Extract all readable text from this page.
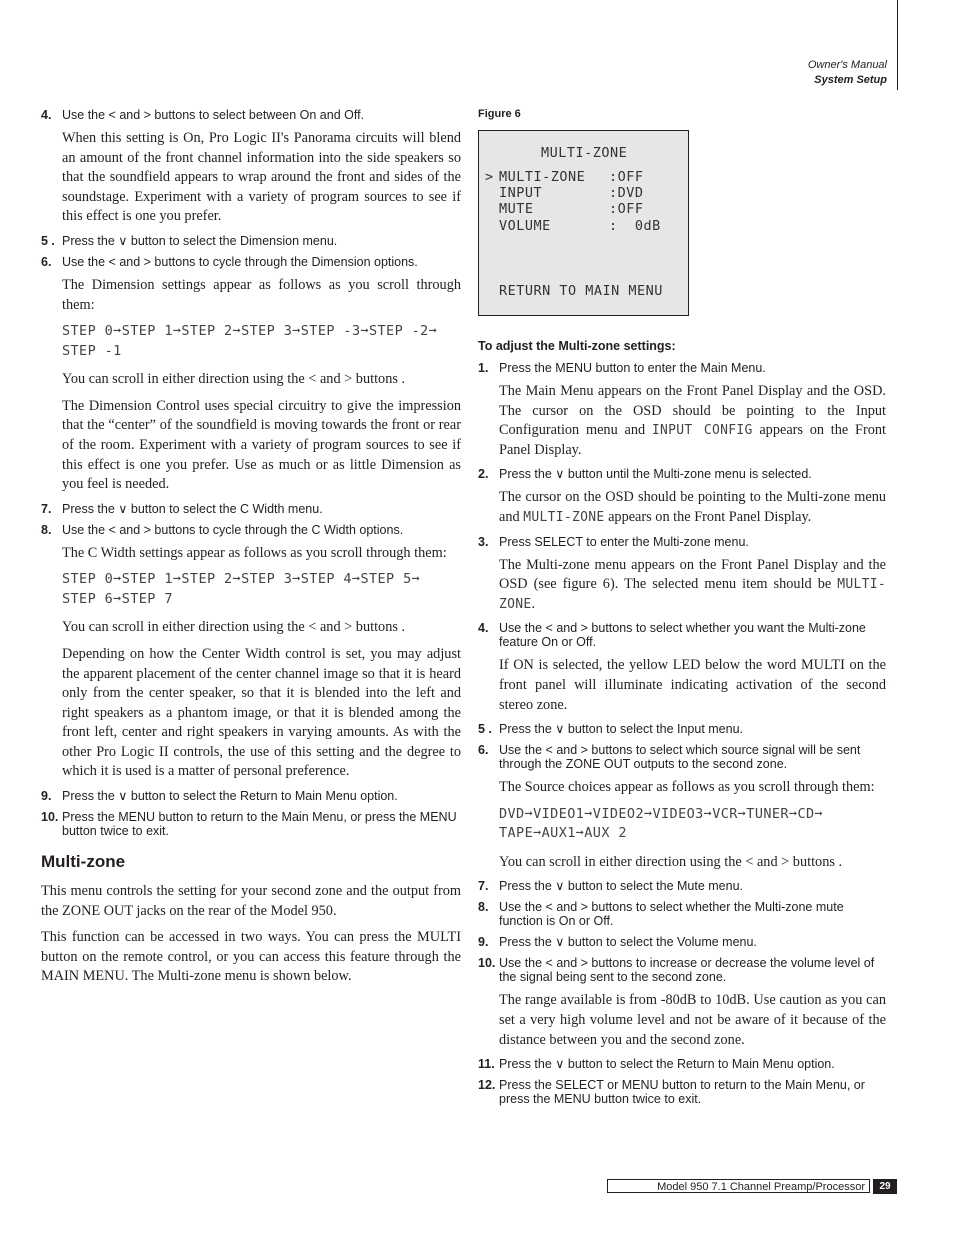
Owner's Manual
System Setup
4. Use the < and > buttons to select between On and Off.

When this setting is On, Pro Logic II's Panorama circuits will blend an amount of the front channel information into the side speakers so that the soundfield appears to wrap around the front and sides of the soundstage. Experiment with a variety of program sources to see if this effect is one you prefer.

5 . Press the ∨ button to select the Dimension menu.
6. Use the < and > buttons to cycle through the Dimension options.

The Dimension settings appear as follows as you scroll through them:

STEP 0➞STEP 1➞STEP 2➞STEP 3➞STEP -3➞STEP -2➞ STEP -1

You can scroll in either direction using the < and > buttons .

The Dimension Control uses special circuitry to give the impression that the “center” of the soundfield is moving towards the front or rear of the room. Experiment with a variety of program sources to see if this effect is one you prefer. Use as much or as little Dimension as you feel is needed.

7. Press the ∨ button to select the C Width menu.
8. Use the < and > buttons to cycle through the C Width options.

The C Width settings appear as follows as you scroll through them:

STEP 0➞STEP 1➞STEP 2➞STEP 3➞STEP 4➞STEP 5➞ STEP 6➞STEP 7

You can scroll in either direction using the < and > buttons .

Depending on how the Center Width control is set, you may adjust the apparent placement of the center channel image so that it is heard only from the center speaker, so that it is blended into the left and right speakers as a phantom image, or that it is blended among the front left, center and right speakers in varying amounts. As with the other Pro Logic II controls, the use of this setting and the degree to which it is used is a matter of personal preference.

9. Press the ∨ button to select the Return to Main Menu option.
10. Press the MENU button to return to the Main Menu, or press the MENU button twice to exit.
Multi-zone

This menu controls the setting for your second zone and the output from the ZONE OUT jacks on the rear of the Model 950.

This function can be accessed in two ways. You can press the MULTI button on the remote control, or you can access this feature through the MAIN MENU. The Multi-zone menu is shown below.

Figure 6
MULTI-ZONE
> MULTI-ZONE :OFF
INPUT	:DVD
MUTE	:OFF
VOLUME	:  0dB
RETURN TO MAIN MENU
To adjust the Multi-zone settings:
1. Press the MENU button to enter the Main Menu.

The Main Menu appears on the Front Panel Display and the OSD. The cursor on the OSD should be pointing to the Input Configuration menu and INPUT CONFIG appears on the Front Panel Display.

2. Press the ∨ button until the Multi-zone menu is selected.

The cursor on the OSD should be pointing to the Multi-zone menu and MULTI-ZONE appears on the Front Panel Display.

3. Press SELECT to enter the Multi-zone menu.

The Multi-zone menu appears on the Front Panel Display and the OSD (see figure 6). The selected menu item should be MULTI-ZONE.

4. Use the < and > buttons to select whether you want the Multi-zone feature On or Off.

If ON is selected, the yellow LED below the word MULTI on the front panel will illuminate indicating activation of the second stereo zone.

5 . Press the ∨ button to select the Input menu.
6. Use the < and > buttons to select which source signal will be sent through the ZONE OUT outputs to the second zone.

The Source choices appear as follows as you scroll through them:

DVD➞VIDEO1➞VIDEO2➞VIDEO3➞VCR➞TUNER➞CD➞ TAPE➞AUX1➞AUX 2

You can scroll in either direction using the < and > buttons .

7. Press the ∨ button to select the Mute menu.
8. Use the < and > buttons to select whether the Multi-zone mute function is On or Off.
9. Press the ∨ button to select the Volume menu.
10. Use the < and > buttons to increase or decrease the volume level of the signal being sent to the second zone.

The range available is from -80dB to 10dB. Use caution as you can set a very high volume level and not be aware of it because of the distance between you and the second zone.

11. Press the ∨ button to select the Return to Main Menu option.
12. Press the SELECT or MENU button to return to the Main Menu, or press the MENU button twice to exit.
Model 950 7.1 Channel Preamp/Processor	29
